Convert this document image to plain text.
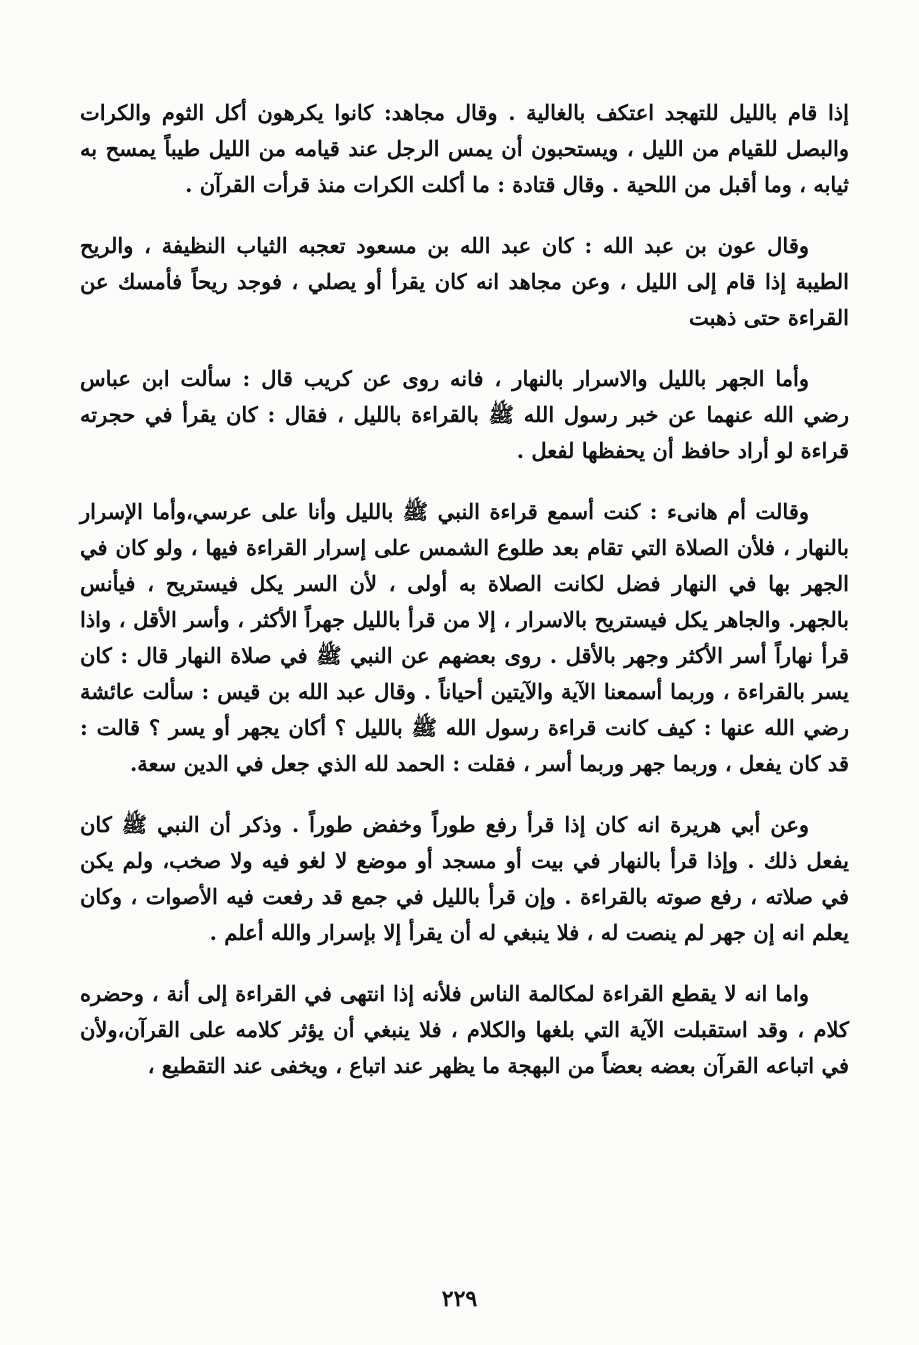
إذا قام بالليل للتهجد اعتكف بالغالية . وقال مجاهد: كانوا يكرهون أكل الثوم والكرات والبصل للقيام من الليل ، ويستحبون أن يمس الرجل عند قيامه من الليل طيباً يمسح به ثيابه ، وما أقبل من اللحية . وقال قتادة : ما أكلت الكرات منذ قرأت القرآن .

وقال عون بن عبد الله : كان عبد الله بن مسعود تعجبه الثياب النظيفة ، والريح الطيبة إذا قام إلى الليل ، وعن مجاهد انه كان يقرأ أو يصلي ، فوجد ريحاً فأمسك عن القراءة حتى ذهبت

وأما الجهر بالليل والاسرار بالنهار ، فانه روى عن كريب قال : سألت ابن عباس رضي الله عنهما عن خبر رسول الله ﷺ بالقراءة بالليل ، فقال : كان يقرأ في حجرته قراءة لو أراد حافظ أن يحفظها لفعل .

وقالت أم هانىء : كنت أسمع قراءة النبي ﷺ بالليل وأنا على عرسي،وأما الإسرار بالنهار ، فلأن الصلاة التي تقام بعد طلوع الشمس على إسرار القراءة فيها ، ولو كان في الجهر بها في النهار فضل لكانت الصلاة به أولى ، لأن السر يكل فيستريح ، فيأنس بالجهر. والجاهر يكل فيستريح بالاسرار ، إلا من قرأ بالليل جهراً الأكثر ، وأسر الأقل ، واذا قرأ نهاراً أسر الأكثر وجهر بالأقل . روى بعضهم عن النبي ﷺ في صلاة النهار قال : كان يسر بالقراءة ، وربما أسمعنا الآية والآيتين أحياناً . وقال عبد الله بن قيس : سألت عائشة رضي الله عنها : كيف كانت قراءة رسول الله ﷺ بالليل ؟ أكان يجهر أو يسر ؟ قالت : قد كان يفعل ، وربما جهر وربما أسر ، فقلت : الحمد لله الذي جعل في الدين سعة.

وعن أبي هريرة انه كان إذا قرأ رفع طوراً وخفض طوراً . وذكر أن النبي ﷺ كان يفعل ذلك . وإذا قرأ بالنهار في بيت أو مسجد أو موضع لا لغو فيه ولا صخب، ولم يكن في صلاته ، رفع صوته بالقراءة . وإن قرأ بالليل في جمع قد رفعت فيه الأصوات ، وكان يعلم انه إن جهر لم ينصت له ، فلا ينبغي له أن يقرأ إلا بإسرار والله أعلم .

واما انه لا يقطع القراءة لمكالمة الناس فلأنه إذا انتهى في القراءة إلى أنة ، وحضره كلام ، وقد استقبلت الآية التي بلغها والكلام ، فلا ينبغي أن يؤثر كلامه على القرآن،ولأن في اتباعه القرآن بعضه بعضاً من البهجة ما يظهر عند اتباع ، ويخفى عند التقطيع ،

٢٢٩
